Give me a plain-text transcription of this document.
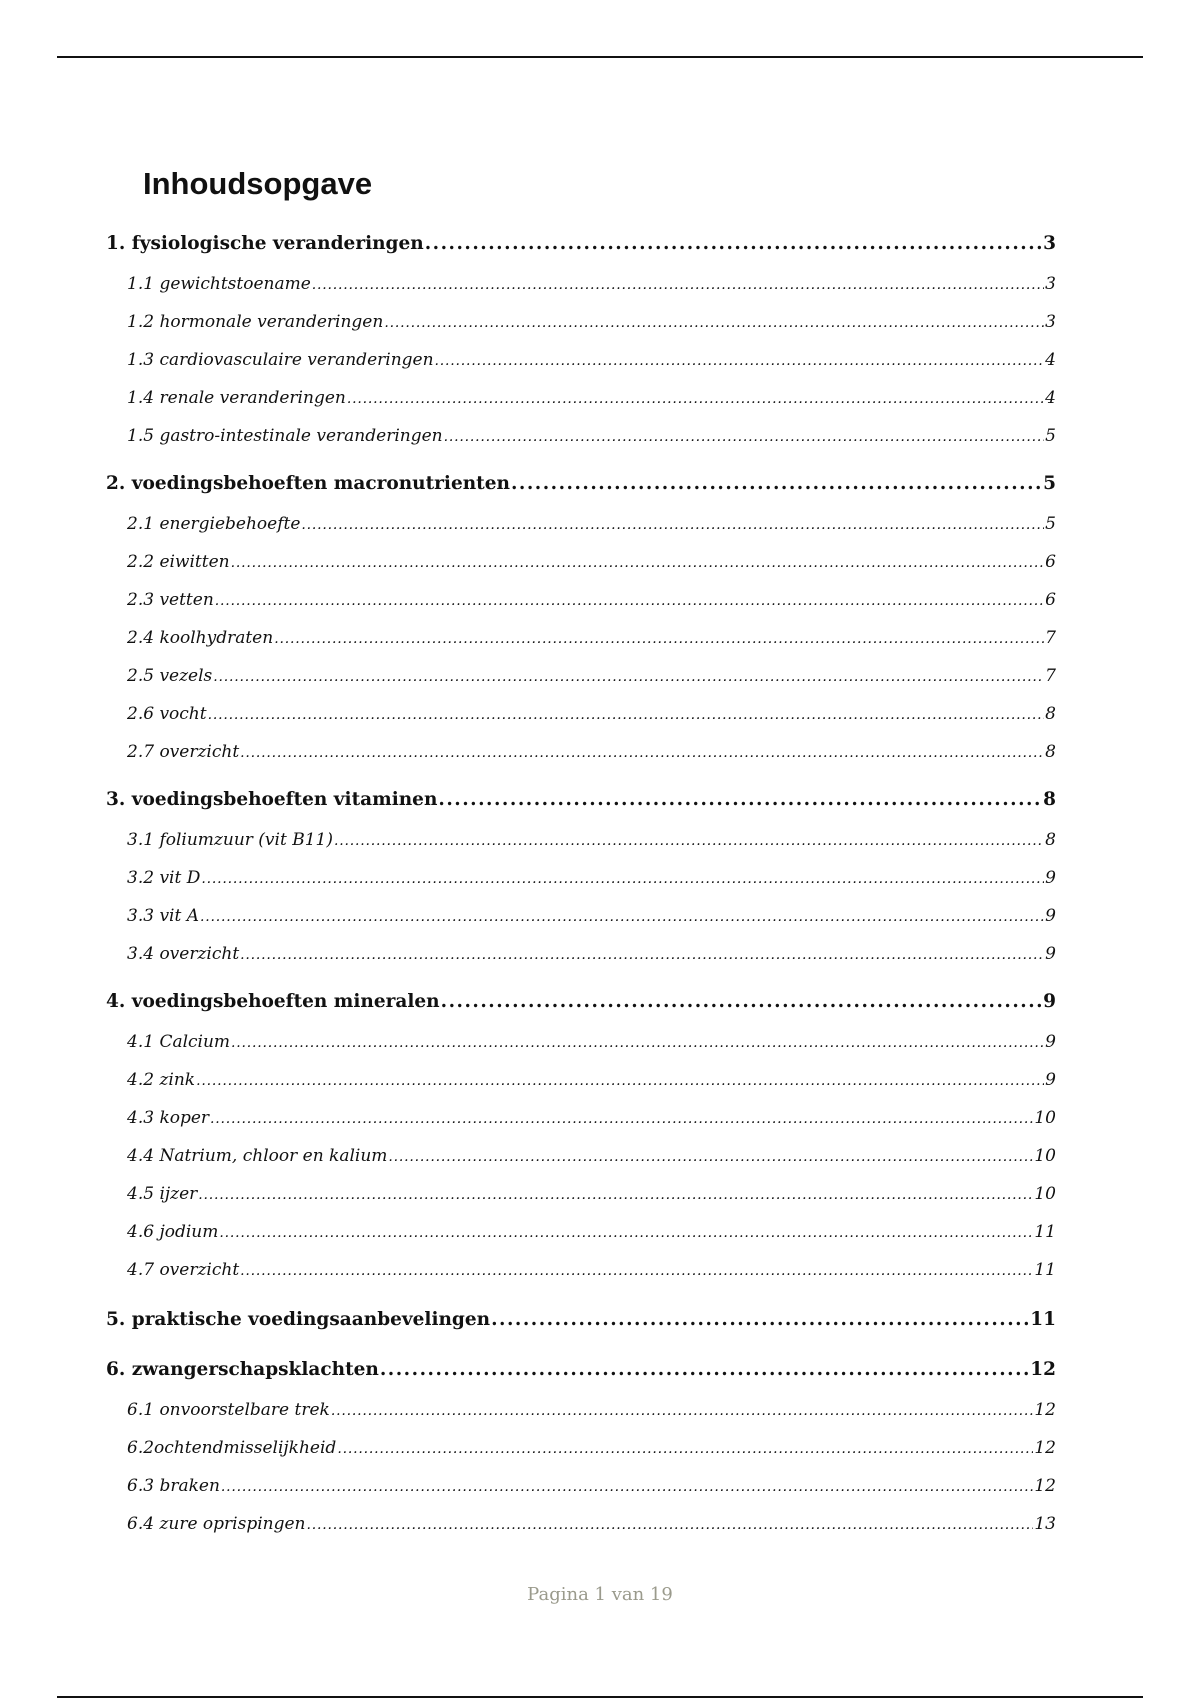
Inhoudsopgave
1. fysiologische veranderingen .....	3
1.1 gewichtstoename .....	3
1.2 hormonale veranderingen .....	3
1.3 cardiovasculaire veranderingen .....	4
1.4 renale veranderingen .....	4
1.5 gastro-intestinale veranderingen .....	5
2. voedingsbehoeften macronutrienten .....	5
2.1 energiebehoefte .....	5
2.2 eiwitten .....	6
2.3 vetten .....	6
2.4 koolhydraten .....	7
2.5 vezels .....	7
2.6 vocht .....	8
2.7 overzicht .....	8
3. voedingsbehoeften vitaminen .....	8
3.1 foliumzuur (vit B11) .....	8
3.2 vit D .....	9
3.3 vit A .....	9
3.4 overzicht .....	9
4. voedingsbehoeften mineralen .....	9
4.1 Calcium .....	9
4.2 zink .....	9
4.3 koper .....	10
4.4 Natrium, chloor en kalium .....	10
4.5 ijzer .....	10
4.6 jodium .....	11
4.7 overzicht .....	11
5. praktische voedingsaanbevelingen .....	11
6. zwangerschapsklachten .....	12
6.1 onvoorstelbare trek .....	12
6.2ochtendmisselijkheid .....	12
6.3 braken .....	12
6.4 zure oprispingen .....	13
Pagina 1 van 19
